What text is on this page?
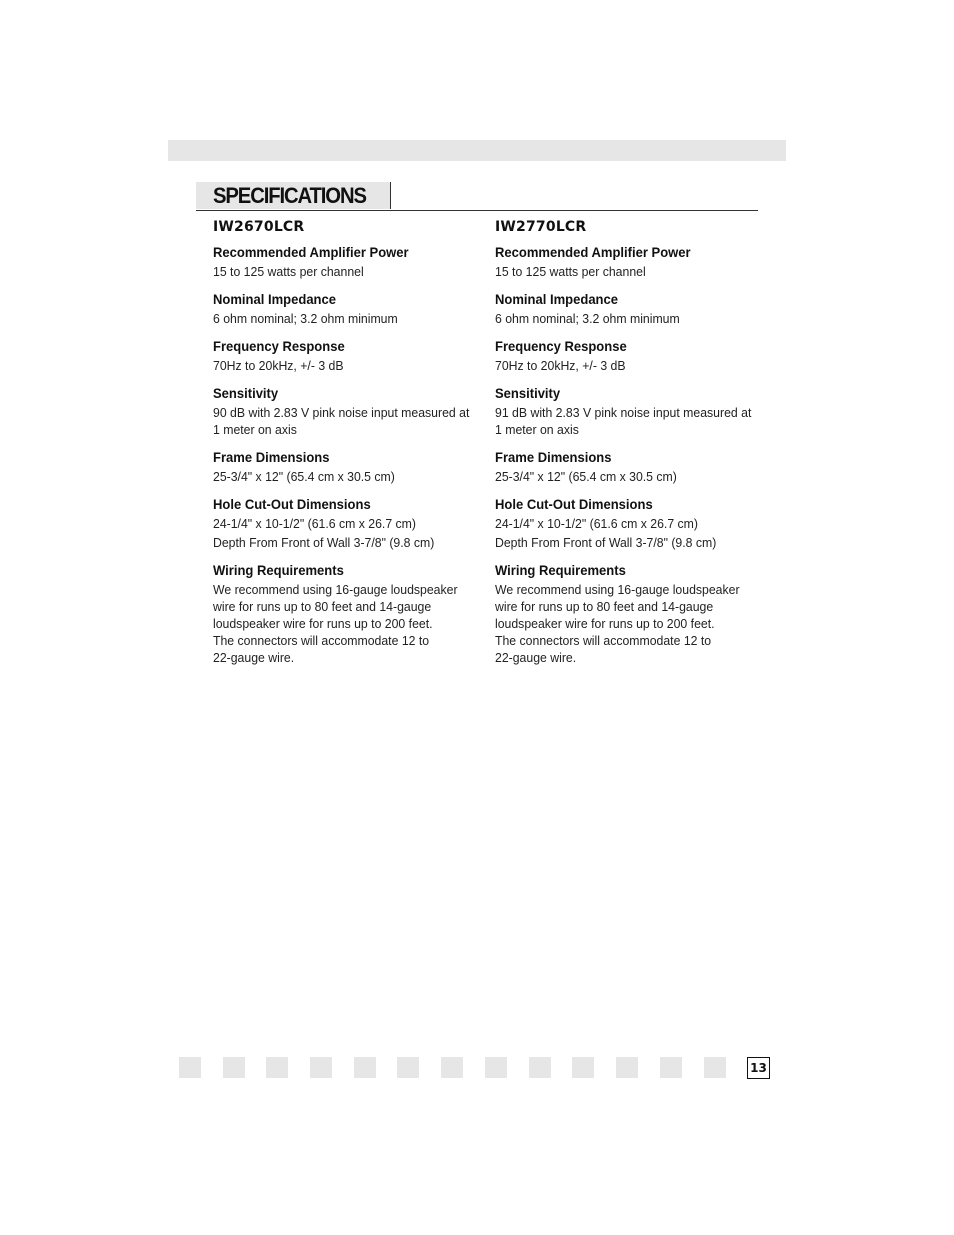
SPECIFICATIONS
IW2670LCR
Recommended Amplifier Power
15 to 125 watts per channel
Nominal Impedance
6 ohm nominal; 3.2 ohm minimum
Frequency Response
70Hz to 20kHz, +/- 3 dB
Sensitivity
90 dB with 2.83 V pink noise input measured at
1 meter on axis
Frame Dimensions
25-3/4" x 12" (65.4 cm x 30.5 cm)
Hole Cut-Out Dimensions
24-1/4" x 10-1/2" (61.6 cm x 26.7 cm)
Depth From Front of Wall 3-7/8" (9.8 cm)
Wiring Requirements
We recommend using 16-gauge loudspeaker
wire for runs up to 80 feet and 14-gauge
loudspeaker wire for runs up to 200 feet.
The connectors will accommodate 12 to
22-gauge wire.
IW2770LCR
Recommended Amplifier Power
15 to 125 watts per channel
Nominal Impedance
6 ohm nominal; 3.2 ohm minimum
Frequency Response
70Hz to 20kHz, +/- 3 dB
Sensitivity
91 dB with 2.83 V pink noise input measured at
1 meter on axis
Frame Dimensions
25-3/4" x 12" (65.4 cm x 30.5 cm)
Hole Cut-Out Dimensions
24-1/4" x 10-1/2" (61.6 cm x 26.7 cm)
Depth From Front of Wall 3-7/8" (9.8 cm)
Wiring Requirements
We recommend using 16-gauge loudspeaker
wire for runs up to 80 feet and 14-gauge
loudspeaker wire for runs up to 200 feet.
The connectors will accommodate 12 to
22-gauge wire.
13
